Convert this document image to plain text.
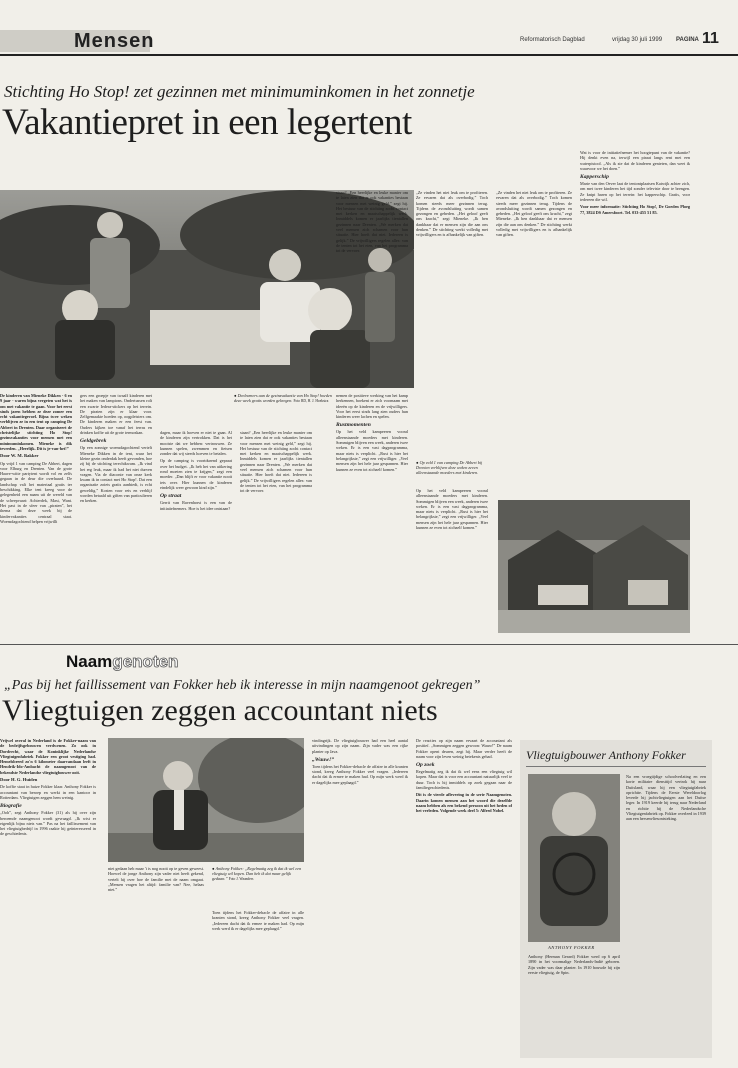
Mensen	Reformatorisch Dagblad	vrijdag 30 juli 1999 PAGINA 11
Stichting Ho Stop! zet gezinnen met minimuminkomen in het zonnetje
Vakantiepret in een legertent
● Deelnemers aan de gezinsvakantie van Ho Stop! hoeden deze week gratis worden gekregen. Foto RD, H. J. Hoekstra

De kinderen van Mieneke Dikken - 6 en 9 jaar - waren bijna vergeten wat het is om met vakantie te gaan. Voor het eerst sinds jaren hebben ze deze zomer een echt vakantiegevoel. Bijna twee weken verblijven ze in een tent op camping De Abbert in Drenten. Daar organiseert de christelijke stichting Ho Stop! gezinsvakanties voor mensen met een minimuminkomen. Mieneke is dik tevreden. „Heerlijk. Dit is je-van-het!”

Door W. M. Bakker

Op vrijd 1 van camping De Abbert, dagen voor Elburg en Drenten. Van de grote Haave-witte partytent wordt vol en zelfs gegaan in de deur die overhaard. De landschap valt het materiaal gratis ter beschikking. Elke tent kreeg voor de gelegenheid een naam uit de wereld van de scheepvaart: Achterdek, Mast, Want. Het past in de sfeer van „piraten”, het thema dat deze week bij de kindervakanties centraal staat. Woensdagochtend helpen vrijwilli

gers een groepje van twaalf kinderen met het maken van lampions. Ondertussen rolt een zwarte Iedera-stickers op het terrein. De piraten zijn er klaar voor. Zelfgemaakte hoeden op, oogpleisters om. De kinderen maken er een feest van. Ouders kijken toe vanaf het terras en drinken koffie uit de grote termoskan.

Geldgebrek

Op een zonnige woensdagochtend vertelt Mieneke Dikken in de tent, waar het kleine gezin onderdak heeft gevonden, hoe zij bij de stichting terechtkwam. „Ik vind het erg leuk, maar ik had het niet durven vragen. Via de diaconie van onze kerk kwam ik in contact met Ho Stop!. Dat een organisatie zoiets gratis aanbiedt, is echt geweldig.” Kosten voor reis en verblijf worden betaald uit giften van particulieren en kerken.

dagen, maar ik hoeven er niet te gaan. Al de kinderen zijn vertrokken. Dat is het mooiste dat we hebben: vertrouwen. Ze kunnen spelen, zwemmen en fietsen zonder dat wij steeds hoeven te betalen.

Op de camping is voortdurend gepraat over het budget. „Ik heb het van uitkering rond moeten zien te krijgen,” zegt een moeder. „Dan blijft er voor vakantie nooit iets over. Hier kunnen de kinderen eindelijk weer gewoon kind zijn.”

Op straat

Gerrit van Ravenhorst is een van de initiatiefnemers. Hoe is het idee ontstaan?

staan? „Een heerlijke en leuke manier om te laten zien dat er ook vakanties bestaan voor mensen met weinig geld,” zegt hij. Het bestuur van de stichting zocht contact met kerken en maatschappelijk werk. Inmiddels komen er jaarlijks tientallen gezinnen naar Drenten. „We merken dat veel mensen zich schamen voor hun situatie. Hier hoeft dat niet. Iedereen is gelijk.” De vrijwilligers regelen alles: van de tenten tot het eten, van het programma tot de vervoer.

nemen de positieve werking van het kamp herkennen, boekeni er zich voornaam met ideeën op de kinderen en de vrijwilligers. Voor het eerst sinds lang zien ouders hun kinderen weer lachen en spelen.

Rustmomenten

Op het veld kampeeren vooral alleenstaande moeders met kinderen. Sommigen blijven een week, anderen twee weken. Er is een vast dagprogramma, maar niets is verplicht. „Rust is hier het belangrijkste,” zegt een vrijwilliger. „Veel mensen zijn het hele jaar gespannen. Hier kunnen ze even tot zichzelf komen.”

staan? „Een heerlijke en leuke manier om te laten zien dat er ook vakanties bestaan voor mensen met weinig geld,” zegt hij. Het bestuur van de stichting zocht contact met kerken en maatschappelijk werk. Inmiddels komen er jaarlijks tientallen gezinnen naar Drenten. „We merken dat veel mensen zich schamen voor hun situatie. Hier hoeft dat niet. Iedereen is gelijk.” De vrijwilligers regelen alles: van de tenten tot het eten, van het programma tot de vervoer.

„Ze vinden het niet leuk om te profiteren. Ze ervaren dat als overbodig.” Toch komen steeds meer gezinnen terug. Tijdens de avondsluiting wordt samen gezongen en gebeden. „Het geloof geeft ons kracht,” zegt Mieneke. „Ik ben dankbaar dat er mensen zijn die aan ons denken.” De stichting werkt volledig met vrijwilligers en is afhankelijk van giften.

● Op veld 1 van camping De Abbert bij Drenten verblijven deze weken zeven alleenstaande moeders met kinderen.

Op het veld kampeeren vooral alleenstaande moeders met kinderen. Sommigen blijven een week, anderen twee weken. Er is een vast dagprogramma, maar niets is verplicht. „Rust is hier het belangrijkste,” zegt een vrijwilliger. „Veel mensen zijn het hele jaar gespannen. Hier kunnen ze even tot zichzelf komen.”

„Ze vinden het niet leuk om te profiteren. Ze ervaren dat als overbodig.” Toch komen steeds meer gezinnen terug. Tijdens de avondsluiting wordt samen gezongen en gebeden. „Het geloof geeft ons kracht,” zegt Mieneke. „Ik ben dankbaar dat er mensen zijn die aan ons denken.” De stichting werkt volledig met vrijwilligers en is afhankelijk van giften.

Wat is voor de initiatiefnemer het hoogtepunt van de vakantie? Hij denkt even na, terwijl een piraat langs rent met een waterpistool. „Als ik zie dat de kinderen genieten, dan weet ik waarvoor we het doen.”

Kapperschip

Marie van den Oever laat de tentontplaatsen Katwijk achter zich, om met twee kinderen het tijd zonder televisie door te brengen. Ze knipt haren op het terrein: het kapperschip. Gratis, voor iedereen die wil.

Voor meer informatie: Stichting Ho Stop!, De Goeden Ploeg 77, 3824 DS Amersfoort. Tel. 033-455 51 85.

Naamgenoten
„Pas bij het faillissement van Fokker heb ik interesse in mijn naamgenoot gekregen”
Vliegtuigen zeggen accountant niets

Vrijwel overal in Nederland is de Fokker-naam van de bedrijfsgebouwen verdwenen. Zo ook in Dordrecht, waar de Koninklijke Nederlandse Vliegtuigenfabriek Fokker een groot vestiging had. Hemelsbreed zo'n 6 kilometer daarvandaan leeft in Hendrik-Ido-Ambacht de naamgenoot van de bekendste Nederlandse vliegtuigbouwer ooit.

Door H. G. Huiden

De koffie staat in huize Fokker klaar. Anthony Fokker is accountant van beroep en werkt in een kantoor in Rotterdam. Vliegtuigen zeggen hem weinig.

Biografie

„Ooh”, zegt Anthony Fokker (31) als hij over zijn beroemde naamgenoot wordt gevraagd. „Ik wist er eigenlijk bijna niets van.” Pas na het faillissement van het vliegtuigbedrijf in 1996 raakte hij geïnteresseerd in de geschiedenis.

● Anthony Fokker: „Regelmatig zeg ik dat ik wel een vliegtuig wil kopen. Dan heb ik dat maar gelijk gedaan.” Foto J. Waanders

niet gedaan heb maar 't is nog nooit op te geven geweest. Hoewel de jonge Anthony zijn vader niet heeft gekend, vertelt hij over hoe de familie met de naam omgaat. „Mensen vragen het altijd: familie van? Nee, helaas niet.”

Toen tijdens het Fokker-debacle de affaire in alle kranten stond, kreeg Anthony Fokker veel vragen. „Iedereen dacht dat ik ermee te maken had. Op mijn werk werd ik er dagelijks mee geplaagd.”

vindingrijk. De vliegtuigbouwer had een heel aantal uitvindingen op zijn naam. Zijn vader was een rijke planter op Java.

„Wauw!”

Toen tijdens het Fokker-debacle de affaire in alle kranten stond, kreeg Anthony Fokker veel vragen. „Iedereen dacht dat ik ermee te maken had. Op mijn werk werd ik er dagelijks mee geplaagd.”

De reacties op zijn naam ervaart de accountant als positief. „Sommigen zeggen gewoon: Wauw!” De naam Fokker opent deuren, zegt hij. Maar verder heeft de naam voor zijn leven weinig betekenis gehad.

Op zoek

Regelmatig zeg ik dat ik wel eens een vliegtuig wil kopen. Maar dat is voor een accountant natuurlijk veel te duur. Toch is hij inmiddels op zoek gegaan naar de familiegeschiedenis.

Dit is de vierde aflevering in de serie Naamgenoten. Daarin komen mensen aan het woord die dezelfde naam hebben als een bekend persoon uit het heden of het verleden. Volgende week deel 5: Alfred Nobel.

Vliegtuigbouwer Anthony Fokker
ANTHONY FOKKER

Anthony (Herman Gerard) Fokker werd op 6 april 1890 in het voormalige Nederlands-Indië geboren. Zijn vader was daar planter. In 1910 bouwde hij zijn eerste vliegtuig, de Spin.

Na een vroegtijdige schoolverlating en een korte militaire diensttijd vertrok hij naar Duitsland, waar hij een vliegtuigfabriek oprichtte. Tijdens de Eerste Wereldoorlog leverde hij jachtvliegtuigen aan het Duitse leger. In 1919 keerde hij terug naar Nederland en richtte hij de Nederlandsche Vliegtuigenfabriek op. Fokker overleed in 1939 aan een hersenvliesontsteking.
